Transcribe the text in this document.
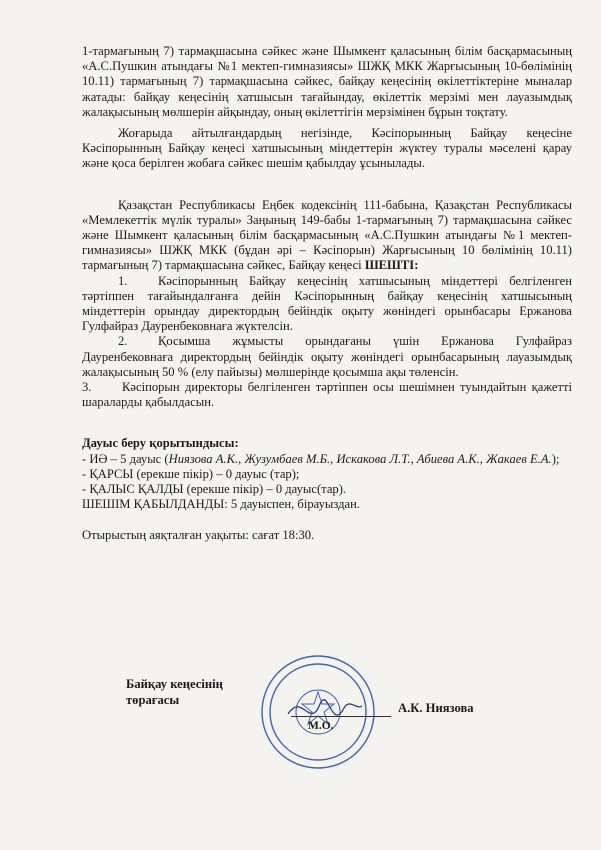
1-тармағының 7) тармақшасына сәйкес және Шымкент қаласының білім басқармасының «А.С.Пушкин атындағы №1 мектеп-гимназиясы» ШЖҚ МКК Жарғысының 10-бөлімінің 10.11) тармағының 7) тармақшасына сәйкес, байқау кеңесінің өкілеттіктеріне мыналар жатады: байқау кеңесінің хатшысын тағайындау, өкілеттік мерзімі мен лауазымдық жалақысының мөлшерін айқындау, оның өкілеттігін мерзімінен бұрын тоқтату.

Жоғарыда айтылғандардың негізінде, Кәсіпорынның Байқау кеңесіне Кәсіпорынның Байқау кеңесі хатшысының міндеттерін жүктеу туралы мәселені қарау және қоса берілген жобаға сәйкес шешім қабылдау ұсынылады.

Қазақстан Республикасы Еңбек кодексінің 111-бабына, Қазақстан Республикасы «Мемлекеттік мүлік туралы» Заңының 149-бабы 1-тармағының 7) тармақшасына сәйкес және Шымкент қаласының білім басқармасының «А.С.Пушкин атындағы №1 мектеп-гимназиясы» ШЖҚ МКК (бұдан әрі – Кәсіпорын) Жарғысының 10 бөлімінің 10.11) тармағының 7) тармақшасына сәйкес, Байқау кеңесі ШЕШТІ:

1. Кәсіпорынның Байқау кеңесінің хатшысының міндеттері белгіленген тәртіппен тағайындалғанға дейін Кәсіпорынның байқау кеңесінің хатшысының міндеттерін орындау директордың бейіндік оқыту жөніндегі орынбасары Ержанова Гулфайраз Дауренбековнаға жүктелсін.

2. Қосымша жұмысты орындағаны үшін Ержанова Гулфайраз Дауренбековнаға директордың бейіндік оқыту жөніндегі орынбасарының лауазымдық жалақысының 50 % (елу пайызы) мөлшерінде қосымша ақы төленсін.

3. Кәсіпорын директоры белгіленген тәртіппен осы шешімнен туындайтын қажетті шараларды қабылдасын.

Дауыс беру қорытындысы:

- ИӘ – 5 дауыс (Ниязова А.К., Жузумбаев М.Б., Искакова Л.Т., Абиева А.К., Жакаев Е.А.);

- ҚАРСЫ (ерекше пікір) – 0 дауыс (тар);

- ҚАЛЫС ҚАЛДЫ (ерекше пікір) – 0 дауыс(тар).

ШЕШІМ ҚАБЫЛДАНДЫ: 5 дауыспен, бірауыздан.

Отырыстың аяқталған уақыты: сағат 18:30.

Байқау кеңесінің
төрағасы
М.О.
А.К. Ниязова
